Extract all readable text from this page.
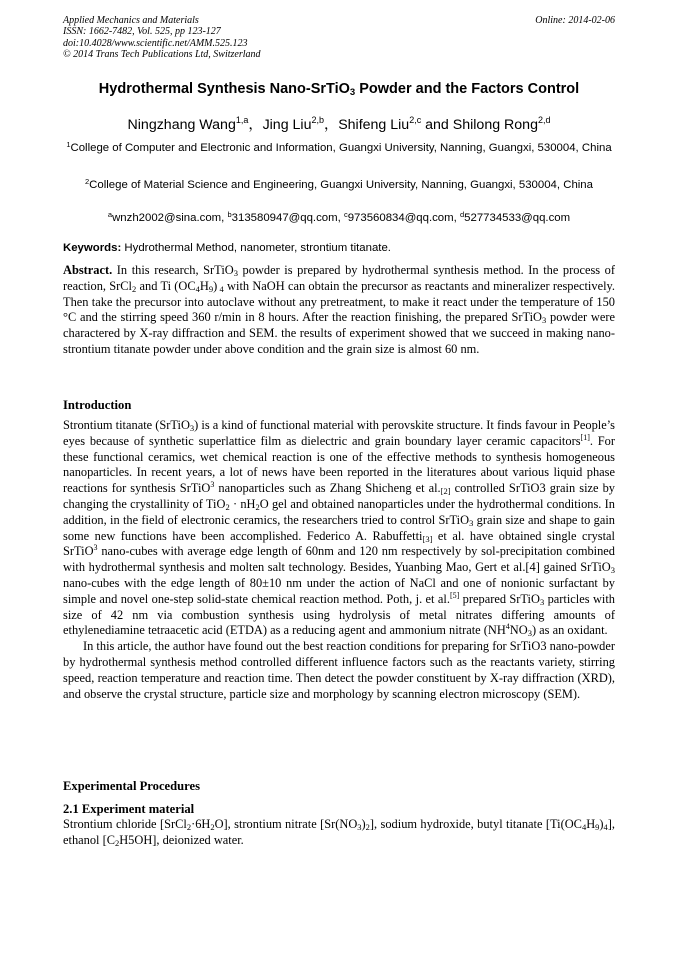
Applied Mechanics and Materials
ISSN: 1662-7482, Vol. 525, pp 123-127
doi:10.4028/www.scientific.net/AMM.525.123
© 2014 Trans Tech Publications Ltd, Switzerland
Online: 2014-02-06
Hydrothermal Synthesis Nano-SrTiO$_3$ Powder and the Factors Control
Ningzhang Wang$^{1,a}$，Jing Liu$^{2,b}$，Shifeng Liu$^{2,c}$ and Shilong Rong$^{2,d}$
$^1$College of Computer and Electronic and Information, Guangxi University, Nanning, Guangxi, 530004, China
$^2$College of Material Science and Engineering, Guangxi University, Nanning, Guangxi, 530004, China
$^a$wnzh2002@sina.com, $^b$313580947@qq.com, $^c$973560834@qq.com, $^d$527734533@qq.com
Keywords: Hydrothermal Method, nanometer, strontium titanate.
Abstract. In this research, SrTiO$_3$ powder is prepared by hydrothermal synthesis method. In the process of reaction, SrCl$_2$ and Ti $(OC_4H_9)$ $_4$ with NaOH can obtain the precursor as reactants and mineralizer respectively. Then take the precursor into autoclave without any pretreatment, to make it react under the temperature of 150 °C and the stirring speed 360 r/min in 8 hours. After the reaction finishing, the prepared SrTiO$_3$ powder were charactered by X-ray diffraction and SEM. the results of experiment showed that we succeed in making nano-strontium titanate powder under above condition and the grain size is almost 60 nm.
Introduction
Strontium titanate (SrTiO$_3$) is a kind of functional material with perovskite structure. It finds favour in People’s eyes because of synthetic superlattice film as dielectric and grain boundary layer ceramic capacitors[1]. For these functional ceramics, wet chemical reaction is one of the effective methods to synthesis homogeneous nanoparticles. In recent years, a lot of news have been reported in the literatures about various liquid phase reactions for synthesis SrTiO$^3$ nanoparticles such as Zhang Shicheng et $al._{[2]}$ controlled SrTiO3 grain size by changing the crystallinity of $TiO_2 \cdot nH_2O$ gel and obtained nanoparticles under the hydrothermal conditions. In addition, in the field of electronic ceramics, the researchers tried to control SrTiO$_3$ grain size and shape to gain some new functions have been accomplished. Federico A. Rabuffetti$_{[3]}$ et al. have obtained single crystal SrTiO$^3$ nano-cubes with average edge length of 60nm and 120 nm respectively by sol-precipitation combined with hydrothermal synthesis and molten salt technology. Besides, Yuanbing Mao, Gert et al.[4] gained SrTiO$_3$ nano-cubes with the edge length of 80±10 nm under the action of NaCl and one of nonionic surfactant by simple and novel one-step solid-state chemical reaction method. Poth, j. et al.[5] prepared SrTiO$_3$ particles with size of 42 nm via combustion synthesis using hydrolysis of metal nitrates differing amounts of ethylenediamine tetraacetic acid (ETDA) as a reducing agent and ammonium nitrate $(NH^4NO_3)$ as an oxidant.
In this article, the author have found out the best reaction conditions for preparing for SrTiO3 nano-powder by hydrothermal synthesis method controlled different influence factors such as the reactants variety, stirring speed, reaction temperature and reaction time. Then detect the powder constituent by X-ray diffraction (XRD), and observe the crystal structure, particle size and morphology by scanning electron microscopy (SEM).
Experimental Procedures
2.1 Experiment material
Strontium chloride $[SrCl_2\cdot 6H_2O]$, strontium nitrate $[Sr(NO_3)_2]$, sodium hydroxide, butyl titanate $[Ti(OC_4H_9)_4]$, ethanol $[C_2H5OH]$, deionized water.
